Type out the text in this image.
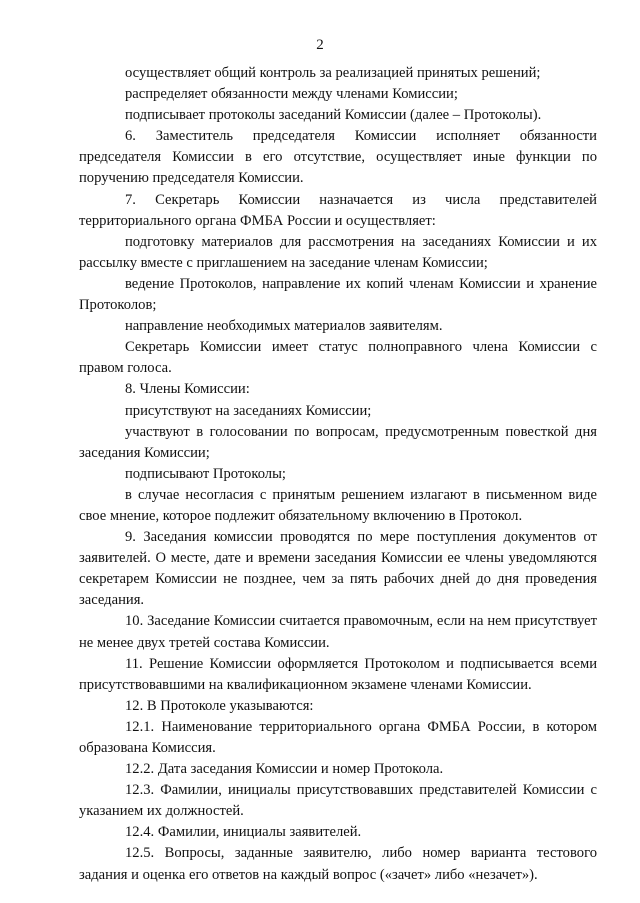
2

осуществляет общий контроль за реализацией принятых решений;

распределяет обязанности между членами Комиссии;

подписывает протоколы заседаний Комиссии (далее – Протоколы).

6. Заместитель председателя Комиссии исполняет обязанности председателя Комиссии в его отсутствие, осуществляет иные функции по поручению председателя Комиссии.

7. Секретарь Комиссии назначается из числа представителей территориального органа ФМБА России и осуществляет:

подготовку материалов для рассмотрения на заседаниях Комиссии и их рассылку вместе с приглашением на заседание членам Комиссии;

ведение Протоколов, направление их копий членам Комиссии и хранение Протоколов;

направление необходимых материалов заявителям.

Секретарь Комиссии имеет статус полноправного члена Комиссии с правом голоса.

8. Члены Комиссии:

присутствуют на заседаниях Комиссии;

участвуют в голосовании по вопросам, предусмотренным повесткой дня заседания Комиссии;

подписывают Протоколы;

в случае несогласия с принятым решением излагают в письменном виде свое мнение, которое подлежит обязательному включению в Протокол.

9. Заседания комиссии проводятся по мере поступления документов от заявителей. О месте, дате и времени заседания Комиссии ее члены уведомляются секретарем Комиссии не позднее, чем за пять рабочих дней до дня проведения заседания.

10. Заседание Комиссии считается правомочным, если на нем присутствует не менее двух третей состава Комиссии.

11. Решение Комиссии оформляется Протоколом и подписывается всеми присутствовавшими на квалификационном экзамене членами Комиссии.

12. В Протоколе указываются:

12.1. Наименование территориального органа ФМБА России, в котором образована Комиссия.

12.2. Дата заседания Комиссии и номер Протокола.

12.3. Фамилии, инициалы присутствовавших представителей Комиссии с указанием их должностей.

12.4. Фамилии, инициалы заявителей.

12.5. Вопросы, заданные заявителю, либо номер варианта тестового задания и оценка его ответов на каждый вопрос («зачет» либо «незачет»).
